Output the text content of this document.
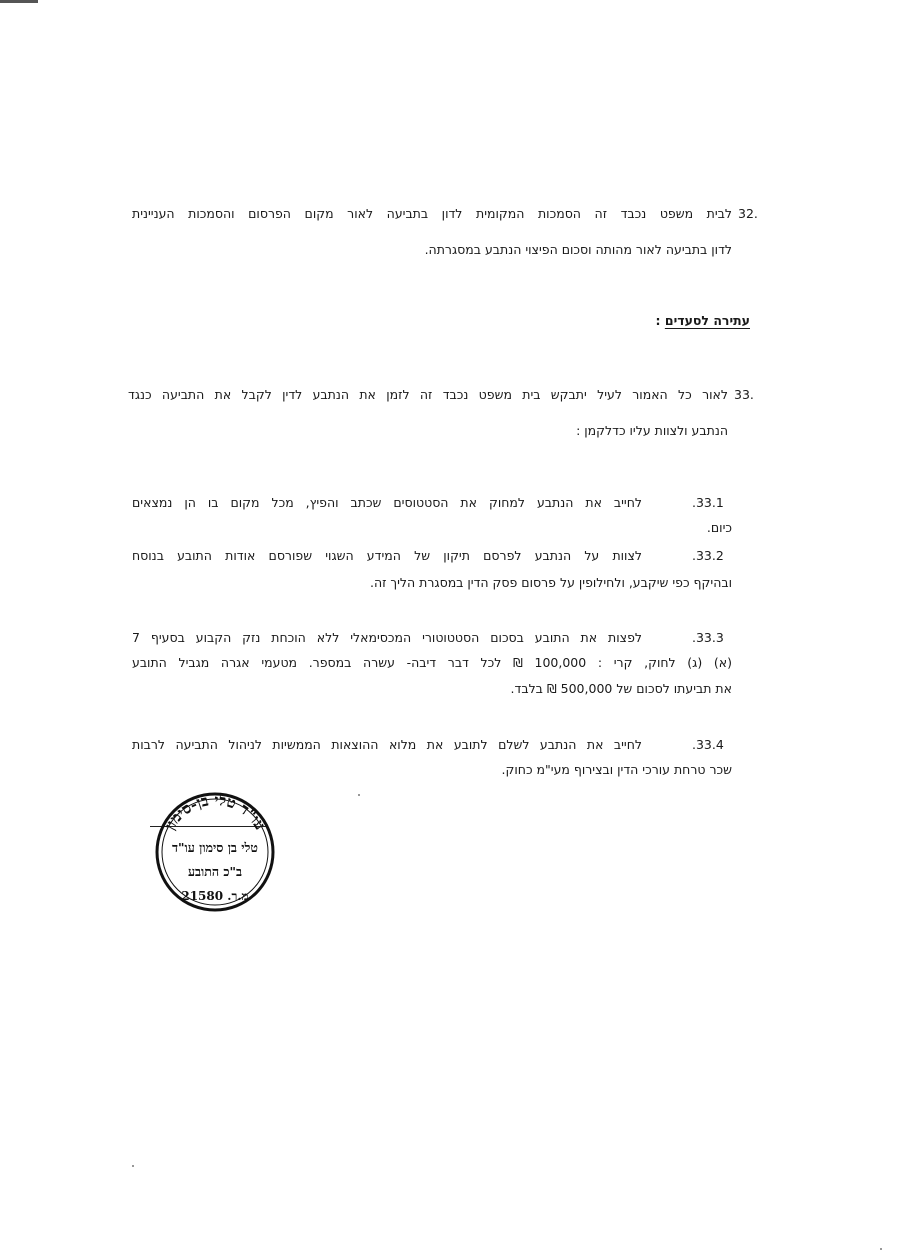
32.
לבית משפט נכבד זה הסמכות המקומית לדון בתביעה לאור מקום הפרסום והסמכות העניינית
לדון בתביעה לאור מהותה וסכום הפיצוי הנתבע במסגרתה.
עתירה לסעדים :
33.
לאור כל האמור לעיל יתבקש בית משפט נכבד זה לזמן את הנתבע לדין לקבל את התביעה כנגד
הנתבע ולצוות עליו כדלקמן :
.33.1
לחייב את הנתבע למחוק את הסטטוסים שכתב והפיץ, מכל מקום בו הן נמצאים
כיום.
.33.2
לצוות על הנתבע לפרסם תיקון של המידע השגוי שפורסם אודות התובע בנוסח
ובהיקף כפי שיקבע, ולחילופין על פרסום פסק הדין במסגרת הליך זה.
.33.3
לפצות את התובע בסכום הסטטוטורי המכסימאלי ללא הוכחת נזק הקבוע בסעיף 7
(א) (ג) לחוק, קרי : 100,000 ₪ לכל דבר דיבה- עשרה במספר. מטעמי אגרה מגביל התובע
את תביעתו לסכום של 500,000 ₪ בלבד.
.33.4
לחייב את הנתבע לשלם לתובע את מלוא ההוצאות הממשיות לניהול התביעה לרבות
שכר טרחת עורכי הדין ובצירוף מעי"מ כחוק.
עו"ד טלי בן-סימון
טלי בן סימון עו"ד
ב"כ התובע
מ.ר. 21580
